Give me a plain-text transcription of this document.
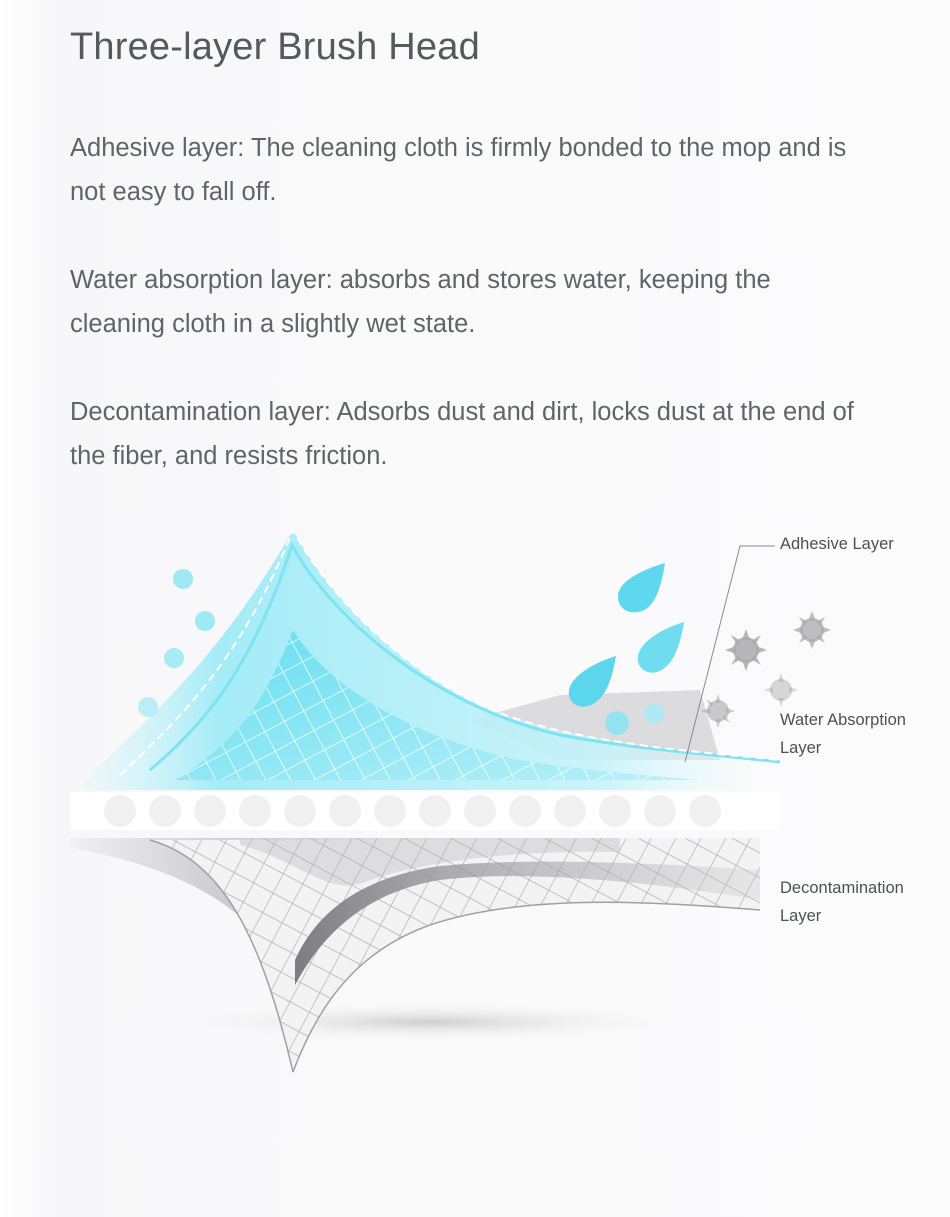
Three-layer Brush Head

Adhesive layer: The cleaning cloth is firmly bonded to the mop and is not easy to fall off.

Water absorption layer: absorbs and stores water, keeping the cleaning cloth in a slightly wet state.

Decontamination layer: Adsorbs dust and dirt, locks dust at the end of the fiber, and resists friction.

Adhesive Layer
Water Absorption Layer
Decontamination Layer
